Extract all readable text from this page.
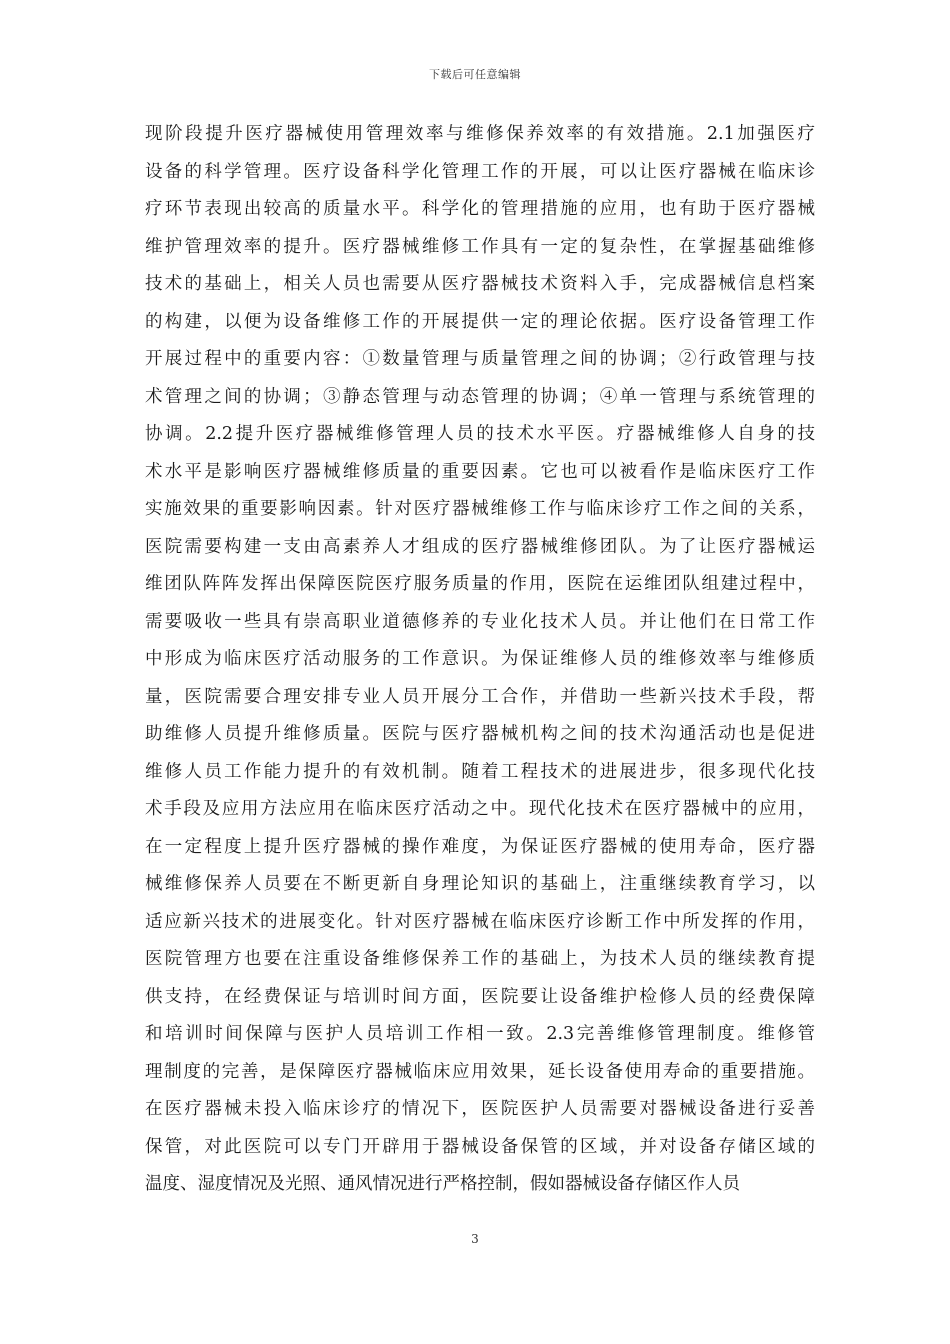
下载后可任意编辑
现阶段提升医疗器械使用管理效率与维修保养效率的有效措施。2.1加强医疗
设备的科学管理。医疗设备科学化管理工作的开展，可以让医疗器械在临床诊
疗环节表现出较高的质量水平。科学化的管理措施的应用，也有助于医疗器械
维护管理效率的提升。医疗器械维修工作具有一定的复杂性，在掌握基础维修
技术的基础上，相关人员也需要从医疗器械技术资料入手，完成器械信息档案
的构建，以便为设备维修工作的开展提供一定的理论依据。医疗设备管理工作
开展过程中的重要内容：①数量管理与质量管理之间的协调；②行政管理与技
术管理之间的协调；③静态管理与动态管理的协调；④单一管理与系统管理的
协调。2.2提升医疗器械维修管理人员的技术水平医。疗器械维修人自身的技
术水平是影响医疗器械维修质量的重要因素。它也可以被看作是临床医疗工作
实施效果的重要影响因素。针对医疗器械维修工作与临床诊疗工作之间的关系，
医院需要构建一支由高素养人才组成的医疗器械维修团队。为了让医疗器械运
维团队阵阵发挥出保障医院医疗服务质量的作用，医院在运维团队组建过程中，
需要吸收一些具有崇高职业道德修养的专业化技术人员。并让他们在日常工作
中形成为临床医疗活动服务的工作意识。为保证维修人员的维修效率与维修质
量，医院需要合理安排专业人员开展分工合作，并借助一些新兴技术手段，帮
助维修人员提升维修质量。医院与医疗器械机构之间的技术沟通活动也是促进
维修人员工作能力提升的有效机制。随着工程技术的进展进步，很多现代化技
术手段及应用方法应用在临床医疗活动之中。现代化技术在医疗器械中的应用，
在一定程度上提升医疗器械的操作难度，为保证医疗器械的使用寿命，医疗器
械维修保养人员要在不断更新自身理论知识的基础上，注重继续教育学习，以
适应新兴技术的进展变化。针对医疗器械在临床医疗诊断工作中所发挥的作用，
医院管理方也要在注重设备维修保养工作的基础上，为技术人员的继续教育提
供支持，在经费保证与培训时间方面，医院要让设备维护检修人员的经费保障
和培训时间保障与医护人员培训工作相一致。2.3完善维修管理制度。维修管
理制度的完善，是保障医疗器械临床应用效果，延长设备使用寿命的重要措施。
在医疗器械未投入临床诊疗的情况下，医院医护人员需要对器械设备进行妥善
保管，对此医院可以专门开辟用于器械设备保管的区域，并对设备存储区域的
温度、湿度情况及光照、通风情况进行严格控制，假如器械设备存储区作人员
3
